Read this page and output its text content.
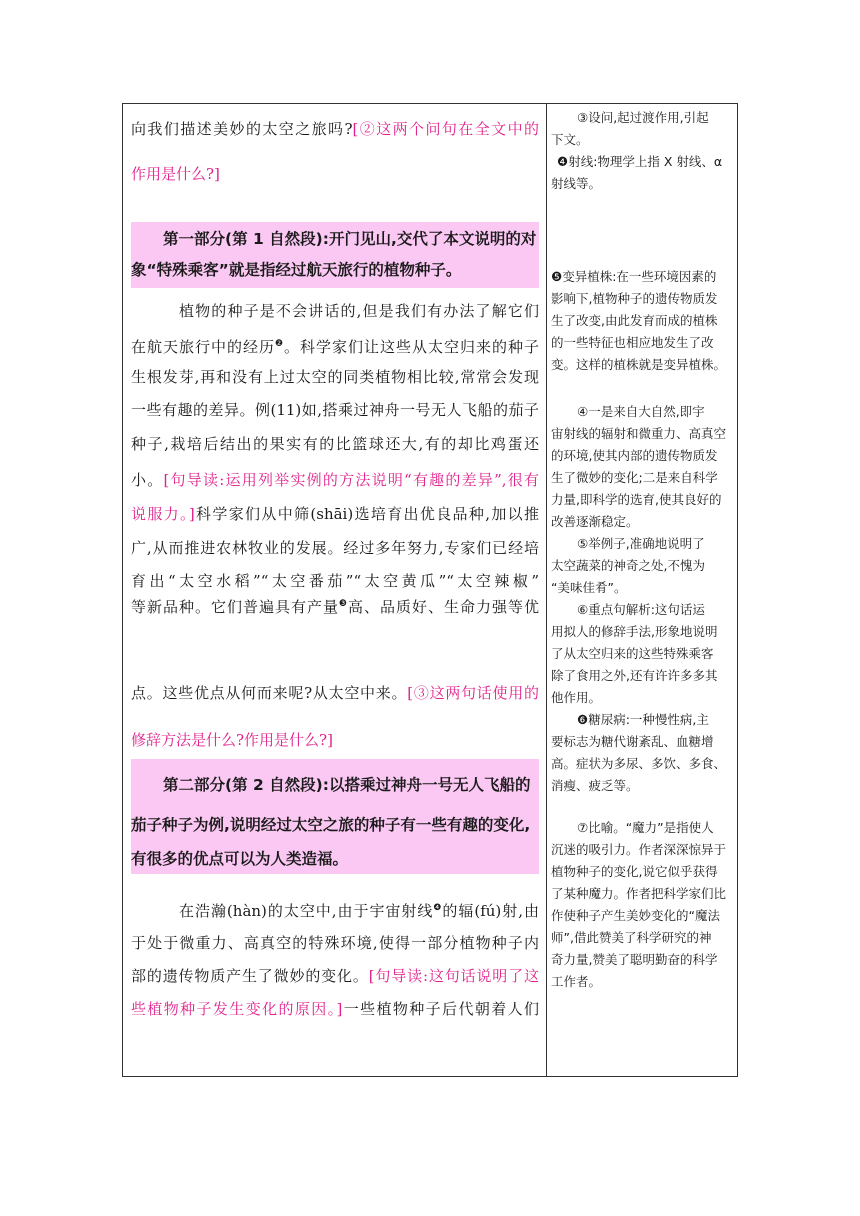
向我们描述美妙的太空之旅吗?[②这两个问句在全文中的
作用是什么?]
第一部分(第 1 自然段):开门见山,交代了本文说明的对
象“特殊乘客”就是指经过航天旅行的植物种子。
植物的种子是不会讲话的,但是我们有办法了解它们
在航天旅行中的经历$^❷$。科学家们让这些从太空归来的种子
生根发芽,再和没有上过太空的同类植物相比较,常常会发现
一些有趣的差异。例(11)如,搭乘过神舟一号无人飞船的茄子
种子,栽培后结出的果实有的比篮球还大,有的却比鸡蛋还
小。[句导读:运用列举实例的方法说明“有趣的差异”,很有
说服力。]科学家们从中筛(shāi)选培育出优良品种,加以推
广,从而推进农林牧业的发展。经过多年努力,专家们已经培
育出“太空水稻”“太空番茄”“太空黄瓜”“太空辣椒”
等新品种。它们普遍具有产量$^❸$高、品质好、生命力强等优
点。这些优点从何而来呢?从太空中来。[③这两句话使用的
修辞方法是什么?作用是什么?]
第二部分(第 2 自然段):以搭乘过神舟一号无人飞船的
茄子种子为例,说明经过太空之旅的种子有一些有趣的变化,
有很多的优点可以为人类造福。
在浩瀚(hàn)的太空中,由于宇宙射线$^❹$的辐(fú)射,由
于处于微重力、高真空的特殊环境,使得一部分植物种子内
部的遗传物质产生了微妙的变化。[句导读:这句话说明了这
些植物种子发生变化的原因。]一些植物种子后代朝着人们

③设问,起过渡作用,引起

下文。

❹射线:物理学上指 X 射线、α

射线等。

❺变异植株:在一些环境因素的

影响下,植物种子的遗传物质发

生了改变,由此发育而成的植株

的一些特征也相应地发生了改

变。这样的植株就是变异植株。

④一是来自大自然,即宇

宙射线的辐射和微重力、高真空

的环境,使其内部的遗传物质发

生了微妙的变化;二是来自科学

力量,即科学的选育,使其良好的

改善逐渐稳定。

⑤举例子,准确地说明了

太空蔬菜的神奇之处,不愧为

“美味佳肴”。

⑥重点句解析:这句话运

用拟人的修辞手法,形象地说明

了从太空归来的这些特殊乘客

除了食用之外,还有许许多多其

他作用。

❻糖尿病:一种慢性病,主

要标志为糖代谢紊乱、血糖增

高。症状为多尿、多饮、多食、

消瘦、疲乏等。

⑦比喻。“魔力”是指使人

沉迷的吸引力。作者深深惊异于

植物种子的变化,说它似乎获得

了某种魔力。作者把科学家们比

作使种子产生美妙变化的“魔法

师”,借此赞美了科学研究的神

奇力量,赞美了聪明勤奋的科学

工作者。
